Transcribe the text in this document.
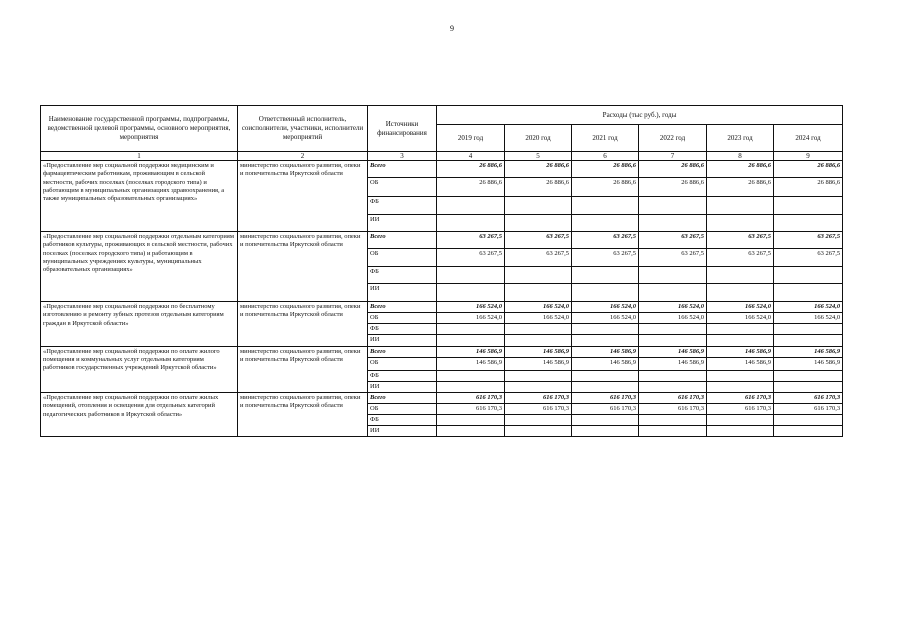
9
Наименование государственной программы, подпрограммы, ведомственной целевой программы, основного мероприятия, мероприятия	Ответственный исполнитель, соисполнители, участники, исполнители мероприятий	Источники финансирования	Расходы (тыс руб.), годы					
			2019 год	2020 год	2021 год	2022 год	2023 год	2024 год
1	2	3	4	5	6	7	8	9
«Предоставление мер социальной поддержки медицинским и фармацевтическим работникам, проживающим в сельской местности, рабочих поселках (поселках городского типа) и работающим в муниципальных организациях здравоохранения, а также муниципальных образовательных организациях»	министерство социального развития, опеки и попечительства Иркутской области	Всего	26 886,6	26 886,6	26 886,6	26 886,6	26 886,6	26 886,6
		ОБ	26 886,6	26 886,6	26 886,6	26 886,6	26 886,6	26 886,6
		ФБ						
		ИИ						
«Предоставление мер социальной поддержки отдельным категориям работников культуры, проживающих в сельской местности, рабочих поселках (поселках городского типа) и работающим в муниципальных учреждениях культуры, муниципальных образовательных организациях»	министерство социального развития, опеки и попечительства Иркутской области	Всего	63 267,5	63 267,5	63 267,5	63 267,5	63 267,5	63 267,5
		ОБ	63 267,5	63 267,5	63 267,5	63 267,5	63 267,5	63 267,5
		ФБ						
		ИИ						
«Предоставление мер социальной поддержки по бесплатному изготовлению и ремонту зубных протезов отдельным категориям граждан в Иркутской области»	министерство социального развития, опеки и попечительства Иркутской области	Всего	166 524,0	166 524,0	166 524,0	166 524,0	166 524,0	166 524,0
		ОБ	166 524,0	166 524,0	166 524,0	166 524,0	166 524,0	166 524,0
		ФБ						
		ИИ						
«Предоставление мер социальной поддержки по оплате жилого помещения и коммунальных услуг отдельным категориям работников государственных учреждений Иркутской области»	министерство социального развития, опеки и попечительства Иркутской области	Всего	146 586,9	146 586,9	146 586,9	146 586,9	146 586,9	146 586,9
		ОБ	146 586,9	146 586,9	146 586,9	146 586,9	146 586,9	146 586,9
		ФБ						
		ИИ						
«Предоставление мер социальной поддержки по оплате жилых помещений, отопления и освещения для отдельных категорий педагогических работников в Иркутской области»	министерство социального развития, опеки и попечительства Иркутской области	Всего	616 170,3	616 170,3	616 170,3	616 170,3	616 170,3	616 170,3
		ОБ	616 170,3	616 170,3	616 170,3	616 170,3	616 170,3	616 170,3
		ФБ						
		ИИ						
